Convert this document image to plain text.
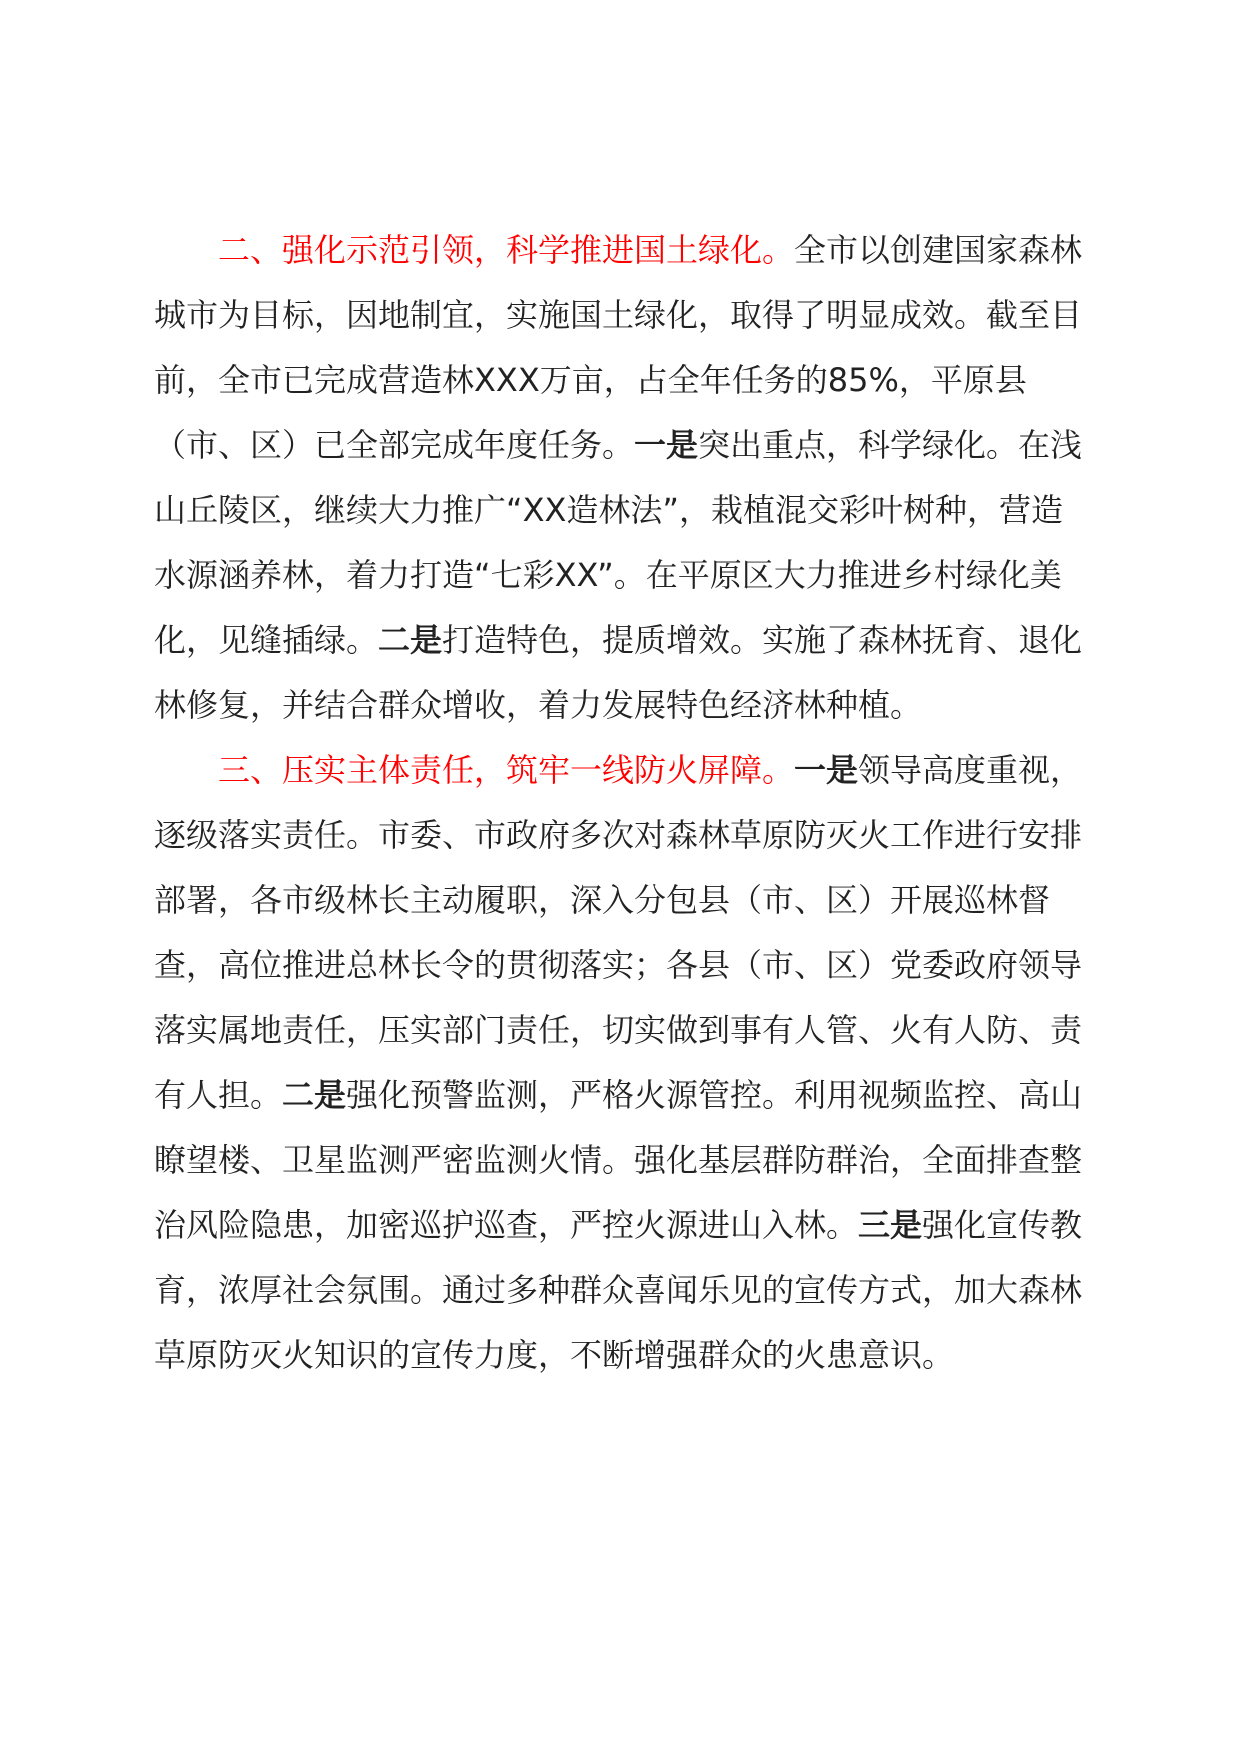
二、强化示范引领，科学推进国土绿化。全市以创建国家森林城市为目标，因地制宜，实施国土绿化，取得了明显成效。截至目前，全市已完成营造林XXX万亩，占全年任务的85%，平原县（市、区）已全部完成年度任务。一是突出重点，科学绿化。在浅山丘陵区，继续大力推广“XX造林法”，栽植混交彩叶树种，营造水源涵养林，着力打造“七彩XX”。在平原区大力推进乡村绿化美化，见缝插绿。二是打造特色，提质增效。实施了森林抚育、退化林修复，并结合群众增收，着力发展特色经济林种植。

三、压实主体责任，筑牢一线防火屏障。一是领导高度重视，逐级落实责任。市委、市政府多次对森林草原防灭火工作进行安排部署，各市级林长主动履职，深入分包县（市、区）开展巡林督查，高位推进总林长令的贯彻落实；各县（市、区）党委政府领导落实属地责任，压实部门责任，切实做到事有人管、火有人防、责有人担。二是强化预警监测，严格火源管控。利用视频监控、高山瞭望楼、卫星监测严密监测火情。强化基层群防群治，全面排查整治风险隐患，加密巡护巡查，严控火源进山入林。三是强化宣传教育，浓厚社会氛围。通过多种群众喜闻乐见的宣传方式，加大森林草原防灭火知识的宣传力度，不断增强群众的火患意识。
